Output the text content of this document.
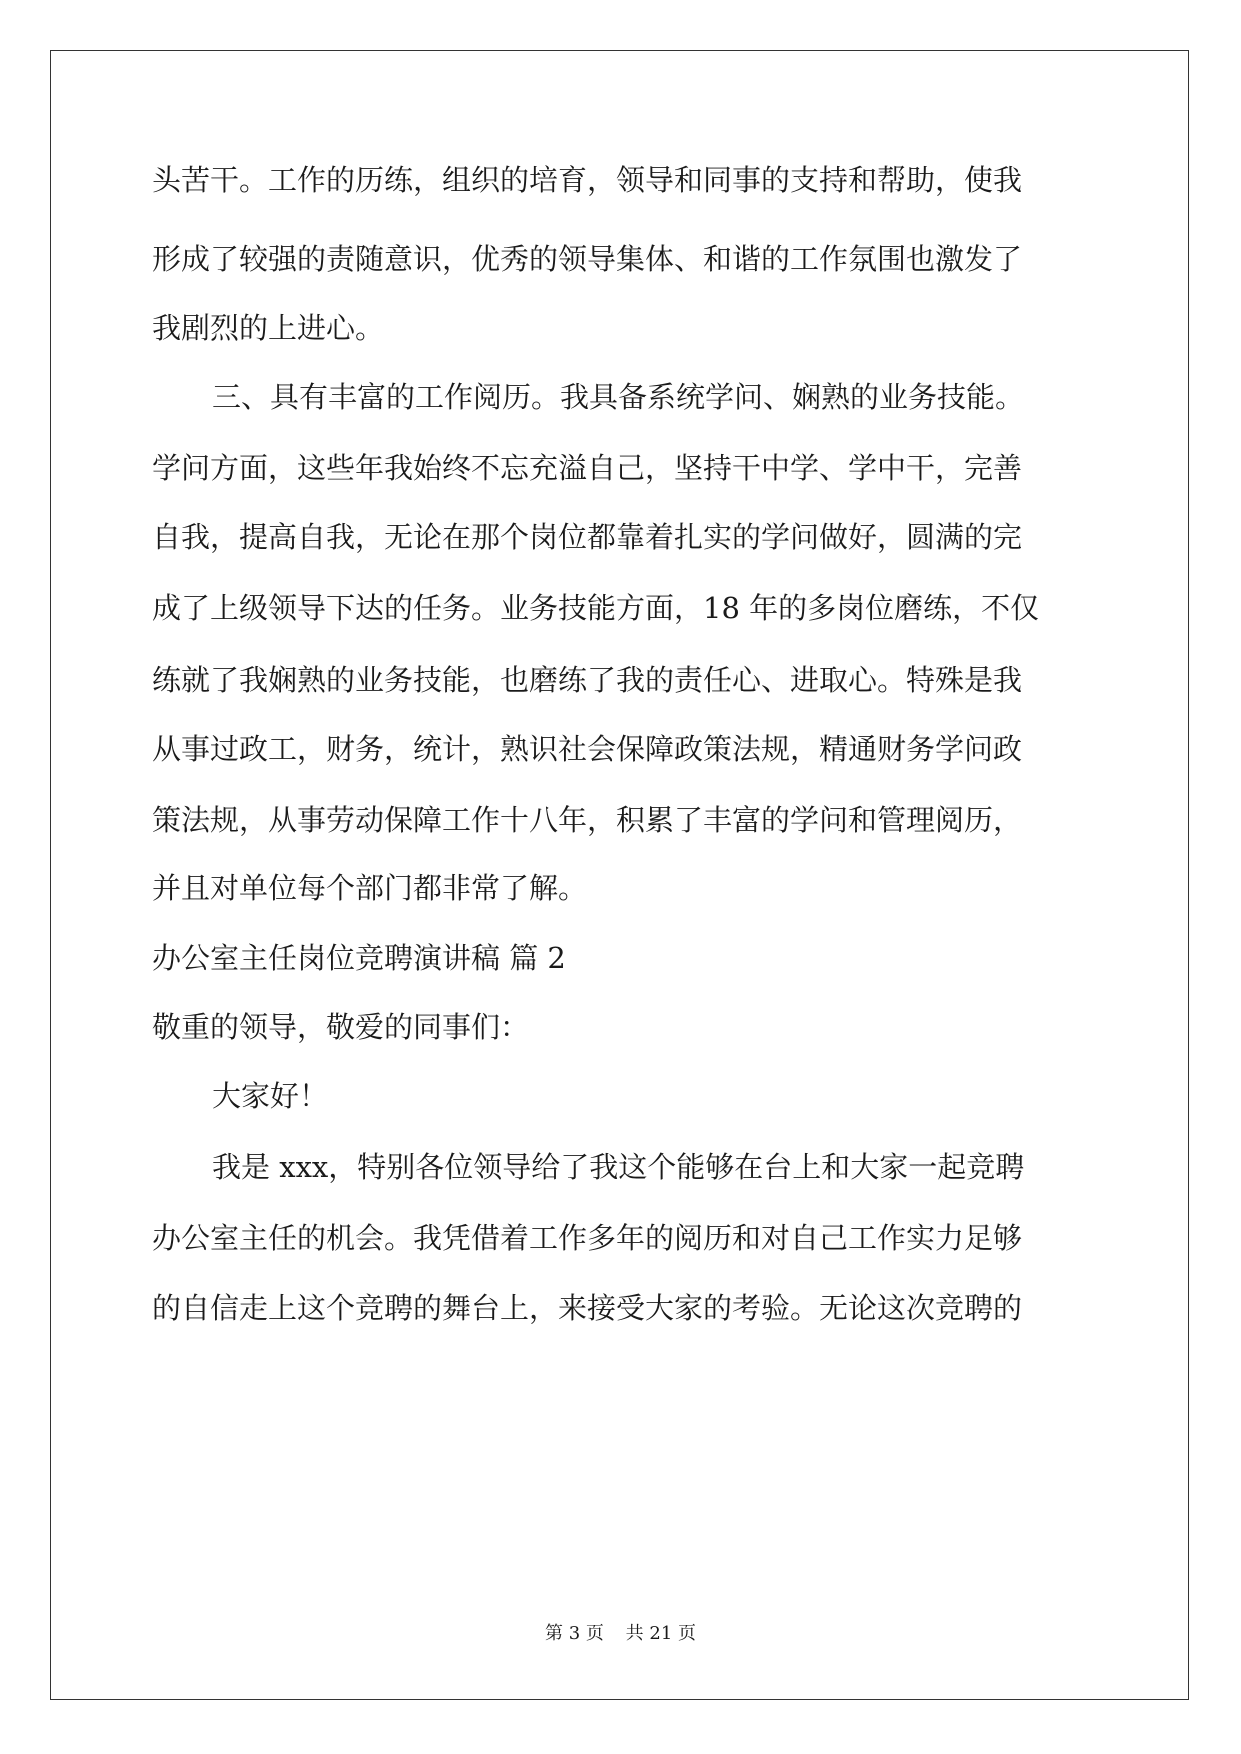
头苦干。工作的历练，组织的培育，领导和同事的支持和帮助，使我
形成了较强的责随意识，优秀的领导集体、和谐的工作氛围也激发了
我剧烈的上进心。
三、具有丰富的工作阅历。我具备系统学问、娴熟的业务技能。
学问方面，这些年我始终不忘充溢自己，坚持干中学、学中干，完善
自我，提高自我，无论在那个岗位都靠着扎实的学问做好，圆满的完
成了上级领导下达的任务。业务技能方面，18 年的多岗位磨练，不仅
练就了我娴熟的业务技能，也磨练了我的责任心、进取心。特殊是我
从事过政工，财务，统计，熟识社会保障政策法规，精通财务学问政
策法规，从事劳动保障工作十八年，积累了丰富的学问和管理阅历，
并且对单位每个部门都非常了解。
办公室主任岗位竞聘演讲稿 篇 2
敬重的领导，敬爱的同事们：
大家好！
我是 xxx，特别各位领导给了我这个能够在台上和大家一起竞聘
办公室主任的机会。我凭借着工作多年的阅历和对自己工作实力足够
的自信走上这个竞聘的舞台上，来接受大家的考验。无论这次竞聘的
第 3 页 共 21 页
